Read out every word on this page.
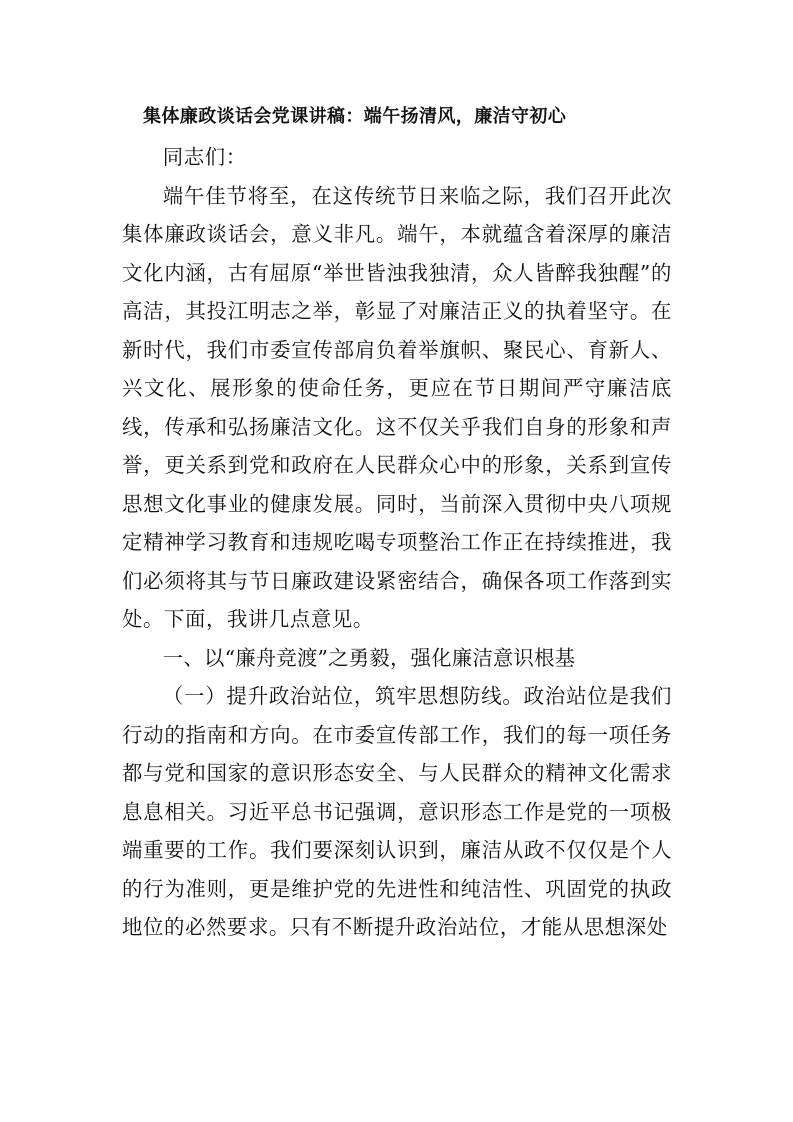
集体廉政谈话会党课讲稿：端午扬清风，廉洁守初心

同志们：

端午佳节将至，在这传统节日来临之际，我们召开此次集体廉政谈话会，意义非凡。端午，本就蕴含着深厚的廉洁文化内涵，古有屈原“举世皆浊我独清，众人皆醉我独醒”的高洁，其投江明志之举，彰显了对廉洁正义的执着坚守。在新时代，我们市委宣传部肩负着举旗帜、聚民心、育新人、兴文化、展形象的使命任务，更应在节日期间严守廉洁底线，传承和弘扬廉洁文化。这不仅关乎我们自身的形象和声誉，更关系到党和政府在人民群众心中的形象，关系到宣传思想文化事业的健康发展。同时，当前深入贯彻中央八项规定精神学习教育和违规吃喝专项整治工作正在持续推进，我们必须将其与节日廉政建设紧密结合，确保各项工作落到实处。下面，我讲几点意见。

一、以“廉舟竞渡”之勇毅，强化廉洁意识根基

（一）提升政治站位，筑牢思想防线。政治站位是我们行动的指南和方向。在市委宣传部工作，我们的每一项任务都与党和国家的意识形态安全、与人民群众的精神文化需求息息相关。习近平总书记强调，意识形态工作是党的一项极端重要的工作。我们要深刻认识到，廉洁从政不仅仅是个人的行为准则，更是维护党的先进性和纯洁性、巩固党的执政地位的必然要求。只有不断提升政治站位，才能从思想深处
